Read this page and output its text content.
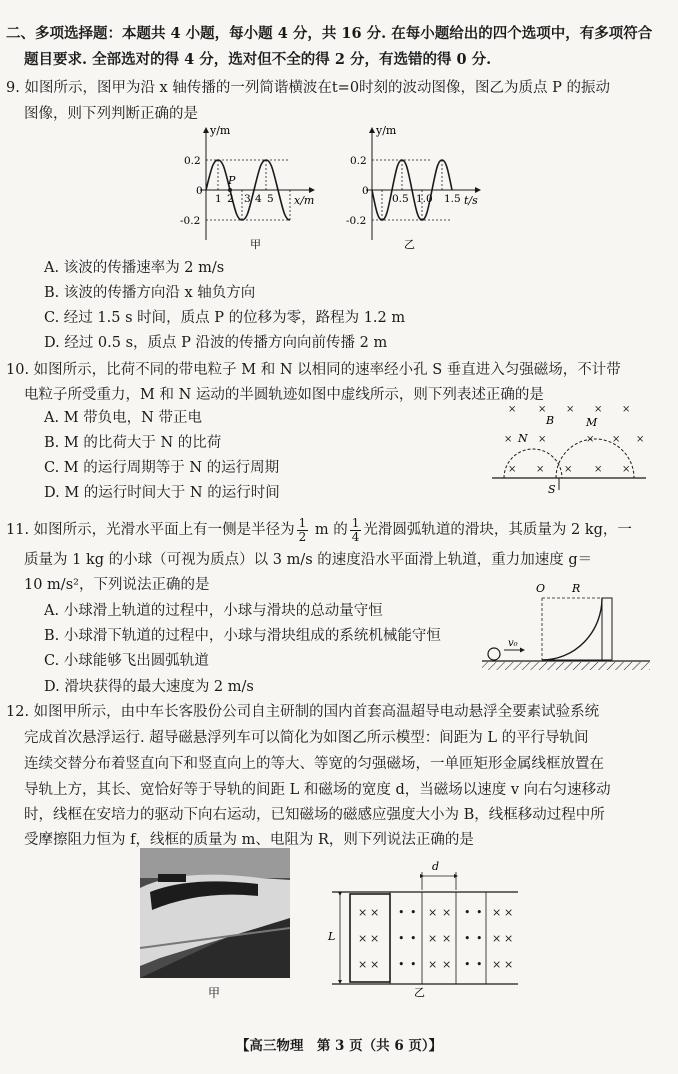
二、多项选择题：本题共 4 小题，每小题 4 分，共 16 分. 在每小题给出的四个选项中，有多项符合
题目要求. 全部选对的得 4 分，选对但不全的得 2 分，有选错的得 0 分.
9. 如图所示，图甲为沿 x 轴传播的一列简谐横波在t=0时刻的波动图像，图乙为质点 P 的振动
图像，则下列判断正确的是
y/m
x/m
0.2
-0.2
0
P
1 2 3 4 5
甲
y/m
t/s
0.2
-0.2
0
0.5 1.0 1.5
乙
A. 该波的传播速率为 2 m/s
B. 该波的传播方向沿 x 轴负方向
C. 经过 1.5 s 时间，质点 P 的位移为零，路程为 1.2 m
D. 经过 0.5 s，质点 P 沿波的传播方向向前传播 2 m
10. 如图所示，比荷不同的带电粒子 M 和 N 以相同的速率经小孔 S 垂直进入匀强磁场，不计带
电粒子所受重力，M 和 N 运动的半圆轨迹如图中虚线所示，则下列表述正确的是
A. M 带负电，N 带正电
B. M 的比荷大于 N 的比荷
C. M 的运行周期等于 N 的运行周期
D. M 的运行时间大于 N 的运行时间
× × × × ×
×	×	× × ×
× × × × ×
B	M
N
S
11. 如图所示，光滑水平面上有一侧是半径为 $\frac{1}{2}$ m 的 $\frac{1}{4}$ 光滑圆弧轨道的滑块，其质量为 2 kg，一
质量为 1 kg 的小球（可视为质点）以 3 m/s 的速度沿水平面滑上轨道，重力加速度 g＝
10 m/s²，下列说法正确的是
A. 小球滑上轨道的过程中，小球与滑块的总动量守恒
B. 小球滑下轨道的过程中，小球与滑块组成的系统机械能守恒
C. 小球能够飞出圆弧轨道
D. 滑块获得的最大速度为 2 m/s
O R
v₀
12. 如图甲所示，由中车长客股份公司自主研制的国内首套高温超导电动悬浮全要素试验系统
完成首次悬浮运行. 超导磁悬浮列车可以简化为如图乙所示模型：间距为 L 的平行导轨间
连续交替分布着竖直向下和竖直向上的等大、等宽的匀强磁场，一单匝矩形金属线框放置在
导轨上方，其长、宽恰好等于导轨的间距 L 和磁场的宽度 d，当磁场以速度 v 向右匀速移动
时，线框在安培力的驱动下向右运动，已知磁场的磁感应强度大小为 B，线框移动过程中所
受摩擦阻力恒为 f，线框的质量为 m、电阻为 R，则下列说法正确的是
甲
d
L
× ×
× ×
× ×
• •
• •
• •
× ×
× ×
× ×
• •
• •
• •
× ×
× ×
× ×
乙
【高三物理　第 3 页（共 6 页）】
